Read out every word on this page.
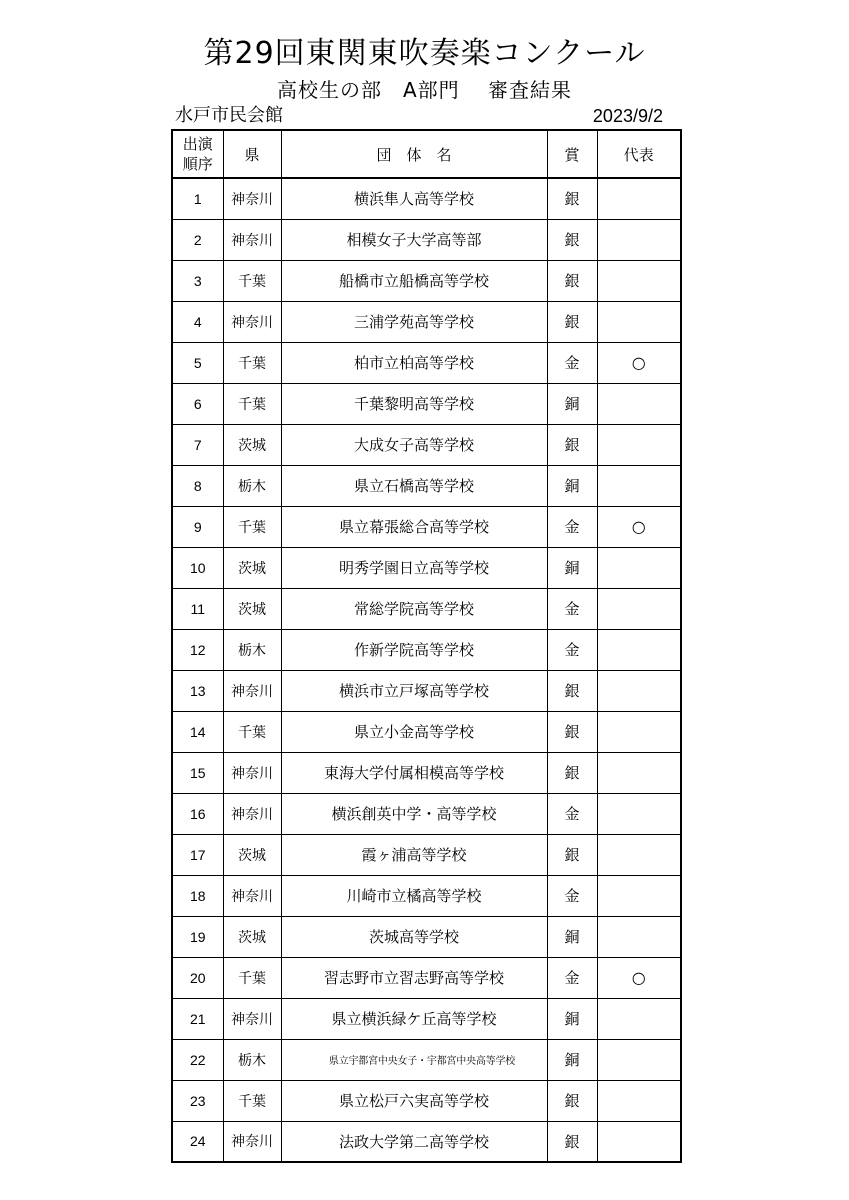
第29回東関東吹奏楽コンクール
高校生の部　A部門　 審査結果
水戸市民会館	2023/9/2
出演
順序	県	団　体　名	賞	代表
1	神奈川	横浜隼人高等学校	銀	
2	神奈川	相模女子大学高等部	銀	
3	千葉	船橋市立船橋高等学校	銀	
4	神奈川	三浦学苑高等学校	銀	
5	千葉	柏市立柏高等学校	金	○
6	千葉	千葉黎明高等学校	銅	
7	茨城	大成女子高等学校	銀	
8	栃木	県立石橋高等学校	銅	
9	千葉	県立幕張総合高等学校	金	○
10	茨城	明秀学園日立高等学校	銅	
11	茨城	常総学院高等学校	金	
12	栃木	作新学院高等学校	金	
13	神奈川	横浜市立戸塚高等学校	銀	
14	千葉	県立小金高等学校	銀	
15	神奈川	東海大学付属相模高等学校	銀	
16	神奈川	横浜創英中学・高等学校	金	
17	茨城	霞ヶ浦高等学校	銀	
18	神奈川	川崎市立橘高等学校	金	
19	茨城	茨城高等学校	銅	
20	千葉	習志野市立習志野高等学校	金	○
21	神奈川	県立横浜緑ケ丘高等学校	銅	
22	栃木	県立宇都宮中央女子・宇都宮中央高等学校	銅	
23	千葉	県立松戸六実高等学校	銀	
24	神奈川	法政大学第二高等学校	銀	
